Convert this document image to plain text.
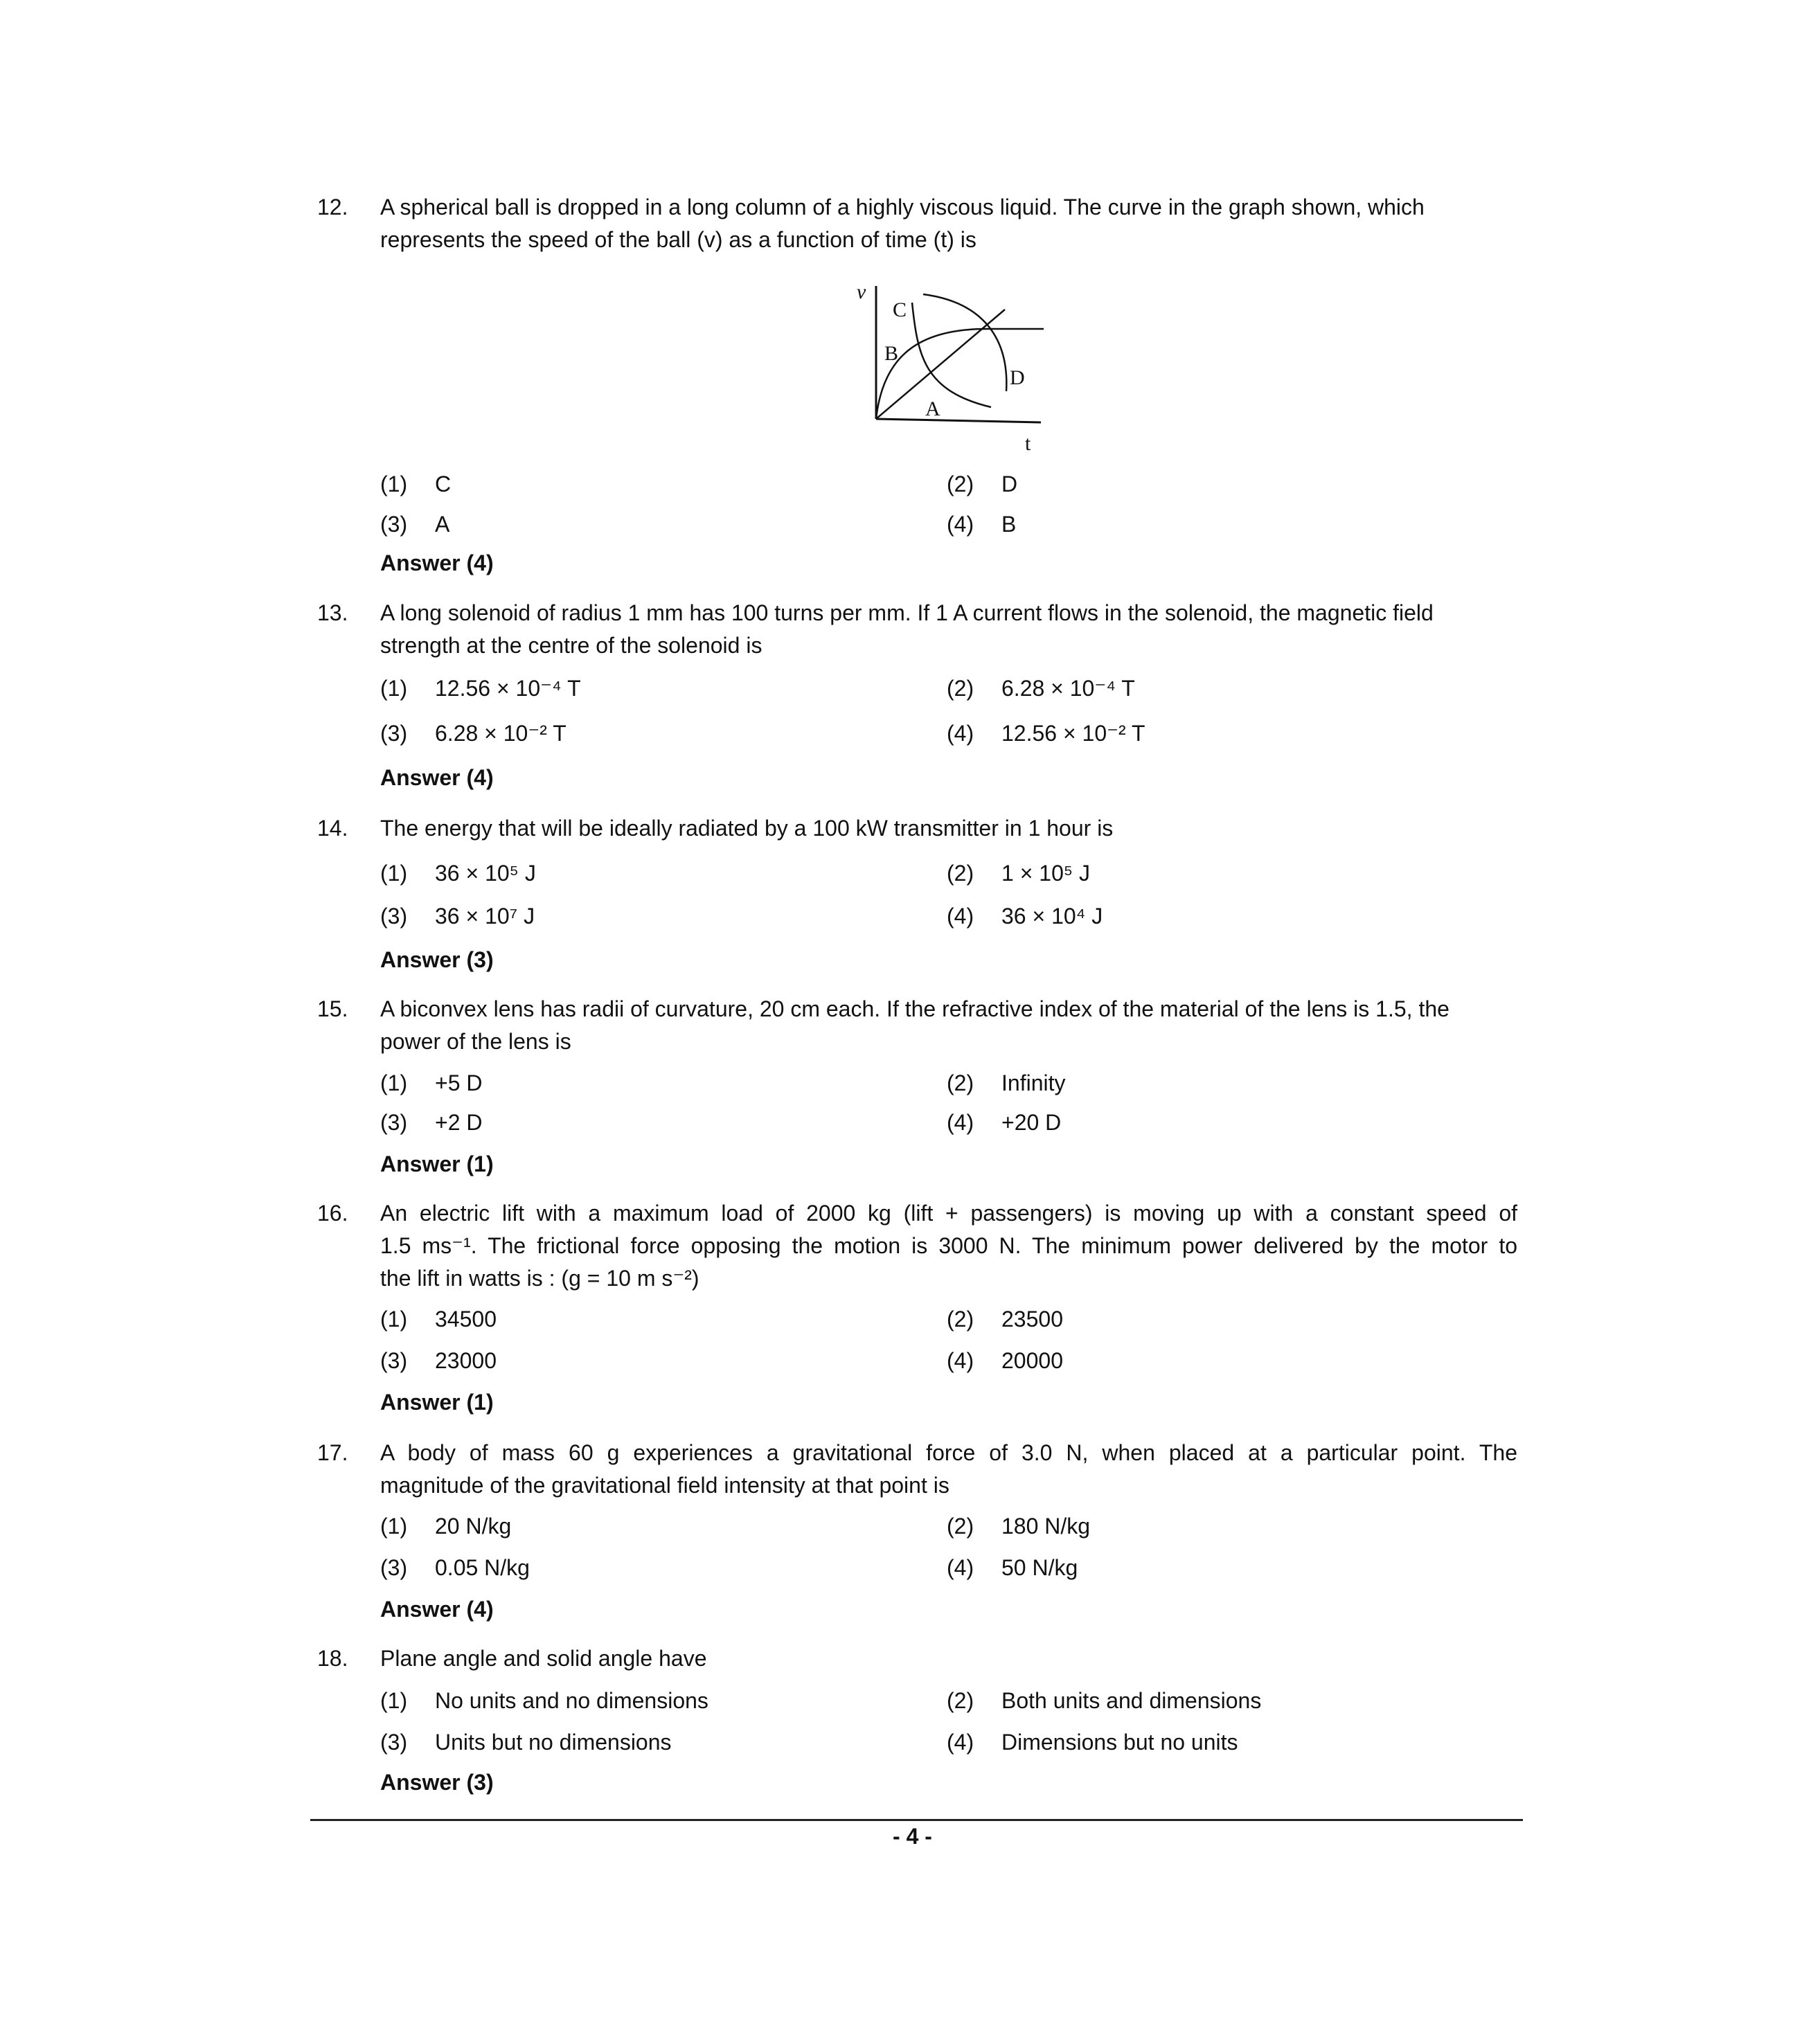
12. A spherical ball is dropped in a long column of a highly viscous liquid. The curve in the graph shown, which
represents the speed of the ball (v) as a function of time (t) is
(1) C	(2) D
(3) A	(4) B
Answer (4)
13. A long solenoid of radius 1 mm has 100 turns per mm. If 1 A current flows in the solenoid, the magnetic field
strength at the centre of the solenoid is
(1) 12.56 × 10⁻⁴ T	(2) 6.28 × 10⁻⁴ T
(3) 6.28 × 10⁻² T	(4) 12.56 × 10⁻² T
Answer (4)
14. The energy that will be ideally radiated by a 100 kW transmitter in 1 hour is
(1) 36 × 10⁵ J	(2) 1 × 10⁵ J
(3) 36 × 10⁷ J	(4) 36 × 10⁴ J
Answer (3)
15. A biconvex lens has radii of curvature, 20 cm each. If the refractive index of the material of the lens is 1.5, the
power of the lens is
(1) +5 D	(2) Infinity
(3) +2 D	(4) +20 D
Answer (1)
16. An electric lift with a maximum load of 2000 kg (lift + passengers) is moving up with a constant speed of
1.5 ms⁻¹. The frictional force opposing the motion is 3000 N. The minimum power delivered by the motor to
the lift in watts is : (g = 10 m s⁻²)
(1) 34500	(2) 23500
(3) 23000	(4) 20000
Answer (1)
17. A body of mass 60 g experiences a gravitational force of 3.0 N, when placed at a particular point. The
magnitude of the gravitational field intensity at that point is
(1) 20 N/kg	(2) 180 N/kg
(3) 0.05 N/kg	(4) 50 N/kg
Answer (4)
18. Plane angle and solid angle have
(1) No units and no dimensions	(2) Both units and dimensions
(3) Units but no dimensions	(4) Dimensions but no units
Answer (3)
v
t
A
B
C
D
- 4 -
